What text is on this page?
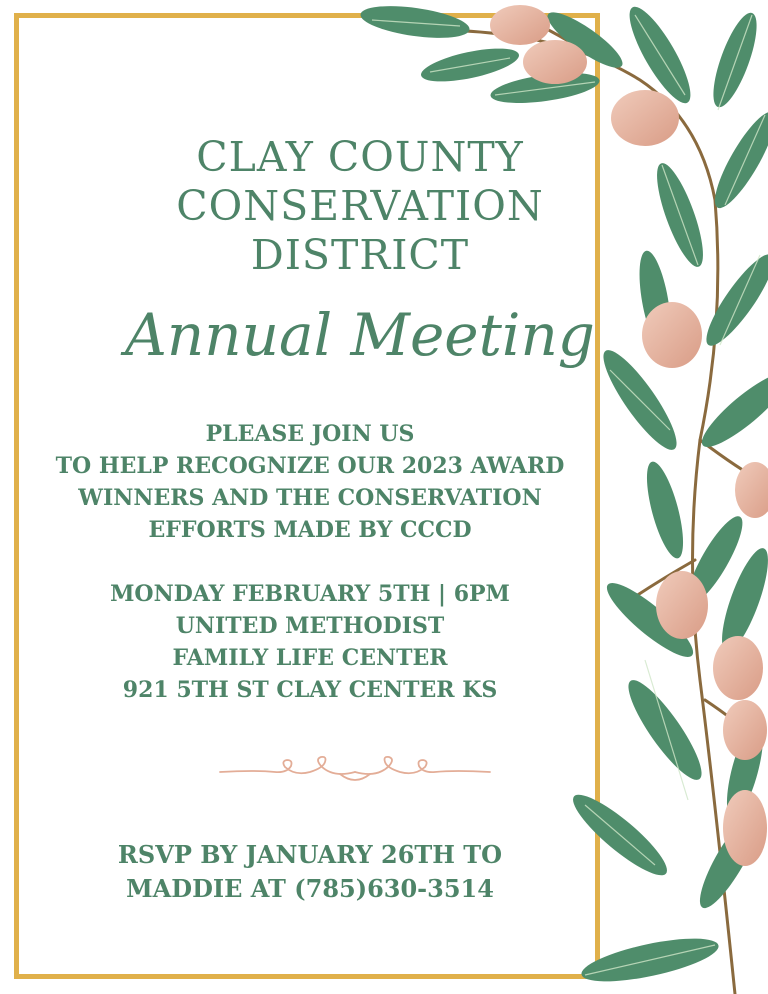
CLAY COUNTY
CONSERVATION
DISTRICT
Annual Meeting
PLEASE JOIN US
TO HELP RECOGNIZE OUR 2023 AWARD
WINNERS AND THE CONSERVATION
EFFORTS MADE BY CCCD
MONDAY FEBRUARY 5TH | 6PM
UNITED METHODIST
FAMILY LIFE CENTER
921 5TH ST CLAY CENTER KS
RSVP BY JANUARY 26TH TO
MADDIE AT (785)630-3514
